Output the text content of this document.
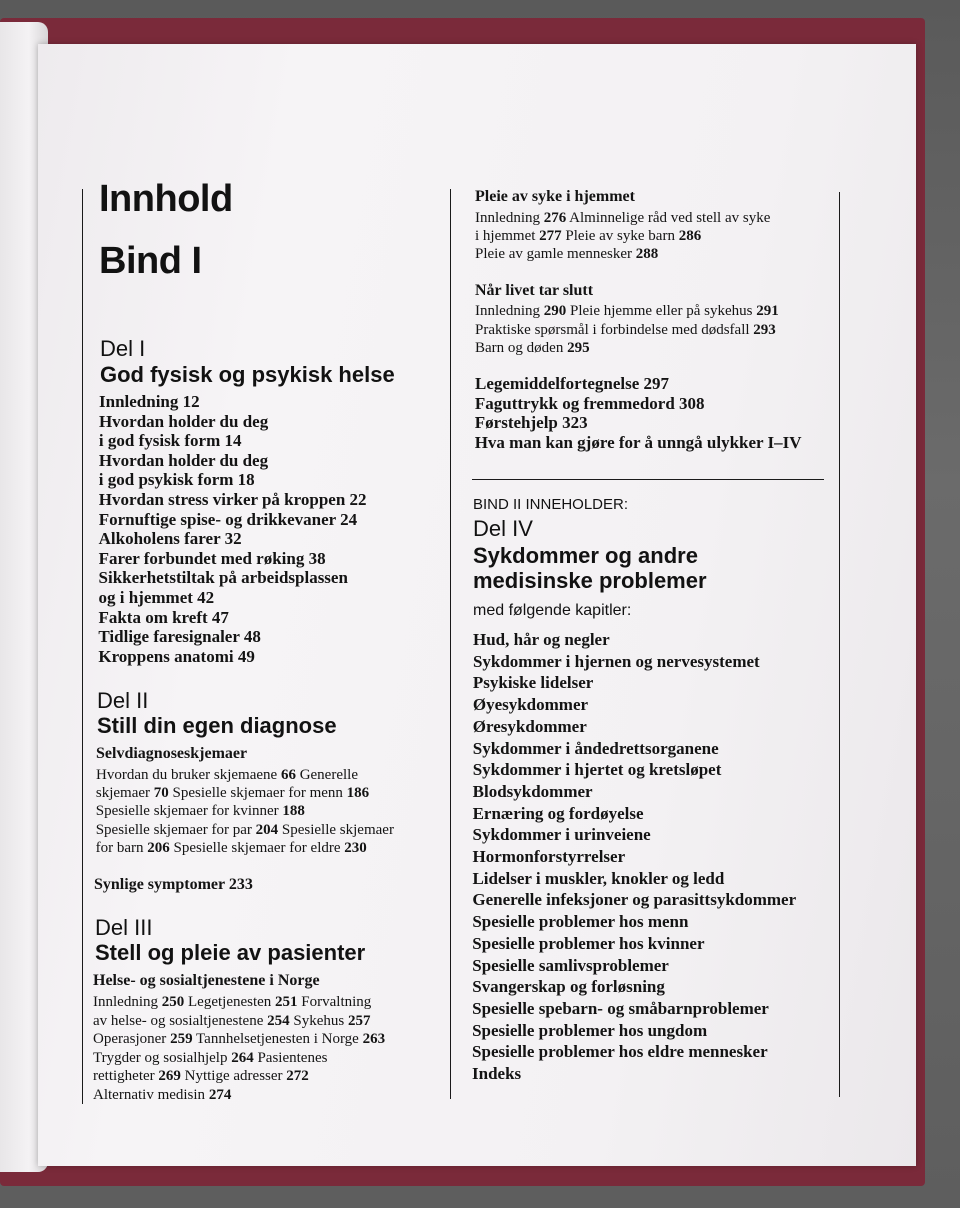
Innhold
Bind I
Del I
God fysisk og psykisk helse
Innledning 12
Hvordan holder du deg
i god fysisk form 14
Hvordan holder du deg
i god psykisk form 18
Hvordan stress virker på kroppen 22
Fornuftige spise- og drikkevaner 24
Alkoholens farer 32
Farer forbundet med røking 38
Sikkerhetstiltak på arbeidsplassen
og i hjemmet 42
Fakta om kreft 47
Tidlige faresignaler 48
Kroppens anatomi 49
Del II
Still din egen diagnose
Selvdiagnoseskjemaer
Hvordan du bruker skjemaene 66 Generelle
skjemaer 70 Spesielle skjemaer for menn 186
Spesielle skjemaer for kvinner 188
Spesielle skjemaer for par 204 Spesielle skjemaer
for barn 206 Spesielle skjemaer for eldre 230
Synlige symptomer 233
Del III
Stell og pleie av pasienter
Helse- og sosialtjenestene i Norge
Innledning 250 Legetjenesten 251 Forvaltning
av helse- og sosialtjenestene 254 Sykehus 257
Operasjoner 259 Tannhelsetjenesten i Norge 263
Trygder og sosialhjelp 264 Pasientenes
rettigheter 269 Nyttige adresser 272
Alternativ medisin 274
Pleie av syke i hjemmet
Innledning 276 Alminnelige råd ved stell av syke
i hjemmet 277 Pleie av syke barn 286
Pleie av gamle mennesker 288
Når livet tar slutt
Innledning 290 Pleie hjemme eller på sykehus 291
Praktiske spørsmål i forbindelse med dødsfall 293
Barn og døden 295
Legemiddelfortegnelse 297
Faguttrykk og fremmedord 308
Førstehjelp 323
Hva man kan gjøre for å unngå ulykker I–IV
BIND II INNEHOLDER:
Del IV
Sykdommer og andre
medisinske problemer
med følgende kapitler:
Hud, hår og negler
Sykdommer i hjernen og nervesystemet
Psykiske lidelser
Øyesykdommer
Øresykdommer
Sykdommer i åndedrettsorganene
Sykdommer i hjertet og kretsløpet
Blodsykdommer
Ernæring og fordøyelse
Sykdommer i urinveiene
Hormonforstyrrelser
Lidelser i muskler, knokler og ledd
Generelle infeksjoner og parasittsykdommer
Spesielle problemer hos menn
Spesielle problemer hos kvinner
Spesielle samlivsproblemer
Svangerskap og forløsning
Spesielle spebarn- og småbarnproblemer
Spesielle problemer hos ungdom
Spesielle problemer hos eldre mennesker
Indeks
